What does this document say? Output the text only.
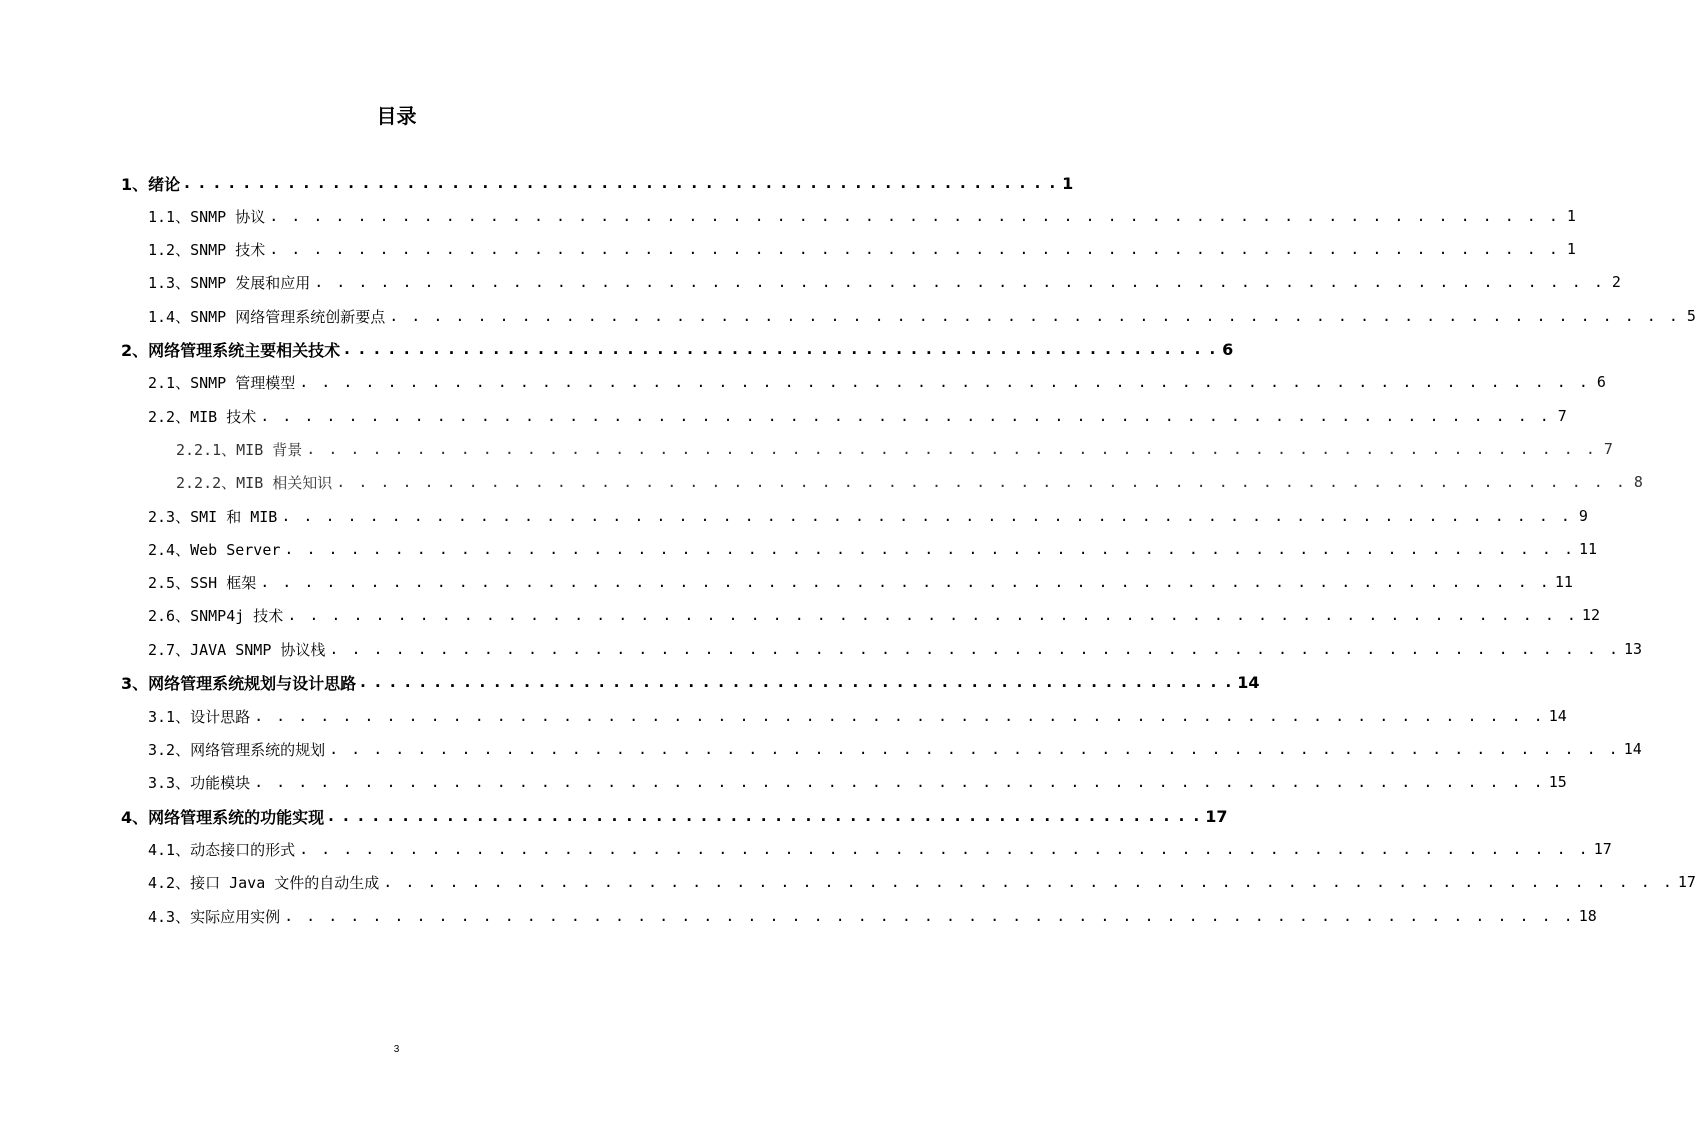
目录
1、绪论 . . . . . . . . . . . . . . . . . . . . . . . . . . . . . . . . . . . . . . . . . . . . . . . . . . . . . . . . . . . 1
1.1、SNMP 协议 . . . . . . . . . . . . . . . . . . . . . . . . . . . . . . . . . . . . . . . . . . . . . . . . . . . . . . . . . . . 1
1.2、SNMP 技术 . . . . . . . . . . . . . . . . . . . . . . . . . . . . . . . . . . . . . . . . . . . . . . . . . . . . . . . . . . . 1
1.3、SNMP 发展和应用 . . . . . . . . . . . . . . . . . . . . . . . . . . . . . . . . . . . . . . . . . . . . . . . . . . . . . . . . . . . 2
1.4、SNMP 网络管理系统创新要点 . . . . . . . . . . . . . . . . . . . . . . . . . . . . . . . . . . . . . . . . . . . . . . . . . . . . . . . . . . . 5
2、网络管理系统主要相关技术 . . . . . . . . . . . . . . . . . . . . . . . . . . . . . . . . . . . . . . . . . . . . . . . . . . . . . . . . . . . 6
2.1、SNMP 管理模型 . . . . . . . . . . . . . . . . . . . . . . . . . . . . . . . . . . . . . . . . . . . . . . . . . . . . . . . . . . . 6
2.2、MIB 技术 . . . . . . . . . . . . . . . . . . . . . . . . . . . . . . . . . . . . . . . . . . . . . . . . . . . . . . . . . . . 7
2.2.1、MIB 背景 . . . . . . . . . . . . . . . . . . . . . . . . . . . . . . . . . . . . . . . . . . . . . . . . . . . . . . . . . . . 7
2.2.2、MIB 相关知识 . . . . . . . . . . . . . . . . . . . . . . . . . . . . . . . . . . . . . . . . . . . . . . . . . . . . . . . . . . . 8
2.3、SMI 和 MIB . . . . . . . . . . . . . . . . . . . . . . . . . . . . . . . . . . . . . . . . . . . . . . . . . . . . . . . . . . . 9
2.4、Web Server . . . . . . . . . . . . . . . . . . . . . . . . . . . . . . . . . . . . . . . . . . . . . . . . . . . . . . . . . . . 11
2.5、SSH 框架 . . . . . . . . . . . . . . . . . . . . . . . . . . . . . . . . . . . . . . . . . . . . . . . . . . . . . . . . . . . 11
2.6、SNMP4j 技术 . . . . . . . . . . . . . . . . . . . . . . . . . . . . . . . . . . . . . . . . . . . . . . . . . . . . . . . . . . . 12
2.7、JAVA SNMP 协议栈 . . . . . . . . . . . . . . . . . . . . . . . . . . . . . . . . . . . . . . . . . . . . . . . . . . . . . . . . . . . 13
3、网络管理系统规划与设计思路 . . . . . . . . . . . . . . . . . . . . . . . . . . . . . . . . . . . . . . . . . . . . . . . . . . . . . . . . . . . 14
3.1、设计思路 . . . . . . . . . . . . . . . . . . . . . . . . . . . . . . . . . . . . . . . . . . . . . . . . . . . . . . . . . . . 14
3.2、网络管理系统的规划 . . . . . . . . . . . . . . . . . . . . . . . . . . . . . . . . . . . . . . . . . . . . . . . . . . . . . . . . . . . 14
3.3、功能模块 . . . . . . . . . . . . . . . . . . . . . . . . . . . . . . . . . . . . . . . . . . . . . . . . . . . . . . . . . . . 15
4、网络管理系统的功能实现 . . . . . . . . . . . . . . . . . . . . . . . . . . . . . . . . . . . . . . . . . . . . . . . . . . . . . . . . . . . 17
4.1、动态接口的形式 . . . . . . . . . . . . . . . . . . . . . . . . . . . . . . . . . . . . . . . . . . . . . . . . . . . . . . . . . . . 17
4.2、接口 Java 文件的自动生成 . . . . . . . . . . . . . . . . . . . . . . . . . . . . . . . . . . . . . . . . . . . . . . . . . . . . . . . . . . . 17
4.3、实际应用实例 . . . . . . . . . . . . . . . . . . . . . . . . . . . . . . . . . . . . . . . . . . . . . . . . . . . . . . . . . . . 18
3
